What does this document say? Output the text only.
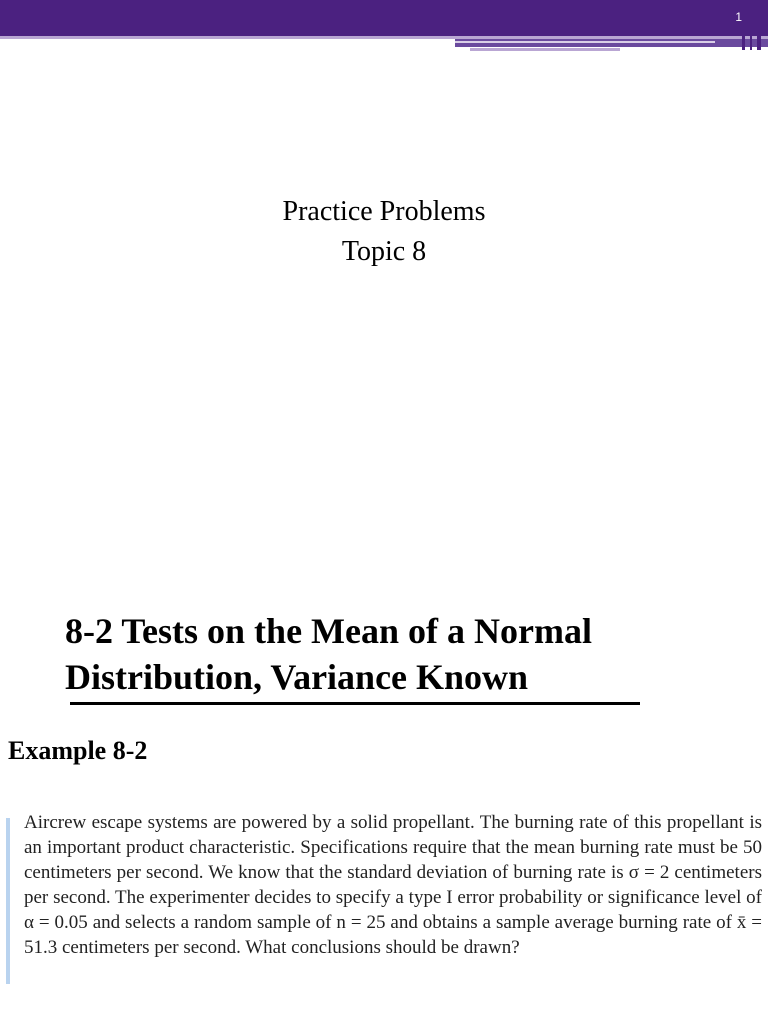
1
Practice Problems
Topic 8
8-2 Tests on the Mean of a Normal
Distribution, Variance Known
Example 8-2
Aircrew escape systems are powered by a solid propellant. The burning rate of this propellant is an important product characteristic. Specifications require that the mean burning rate must be 50 centimeters per second. We know that the standard deviation of burning rate is σ = 2 centimeters per second. The experimenter decides to specify a type I error probability or significance level of α = 0.05 and selects a random sample of n = 25 and obtains a sample average burning rate of x̄ = 51.3 centimeters per second. What conclusions should be drawn?
